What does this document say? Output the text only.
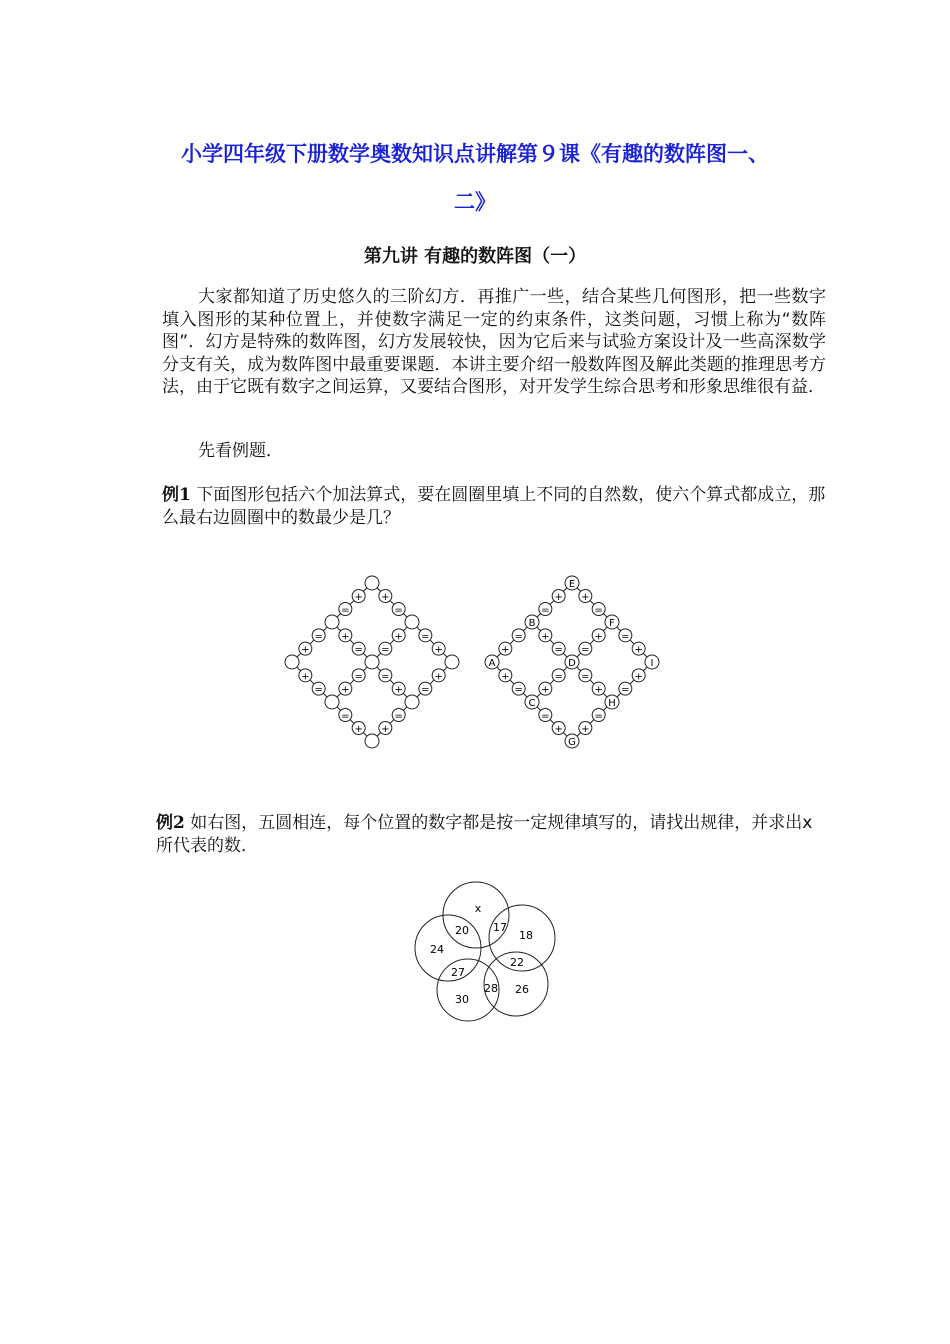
小学四年级下册数学奥数知识点讲解第９课《有趣的数阵图一、
二》
第九讲 有趣的数阵图（一）
大家都知道了历史悠久的三阶幻方．再推广一些，结合某些几何图形，把一些数字填入图形的某种位置上，并使数字满足一定的约束条件，这类问题，习惯上称为“数阵图”．幻方是特殊的数阵图，幻方发展较快，因为它后来与试验方案设计及一些高深数学分支有关，成为数阵图中最重要课题．本讲主要介绍一般数阵图及解此类题的推理思考方法，由于它既有数字之间运算，又要结合图形，对开发学生综合思考和形象思维很有益．
先看例题．
例1 下面图形包括六个加法算式，要在圆圈里填上不同的自然数，使六个算式都成立，那么最右边圆圈中的数最少是几？
+
=
=
+ +
=
=
+
+
=
=
+ +
=
=
+
+
= =
+
+
= =
+
+
=
=
+ +
=
=
+
+
=
=
+ +
=
=
+
+
= =
+
+
= =
+
E
B	F
A	D	I
C	H
G
例2 如右图，五圆相连，每个位置的数字都是按一定规律填写的，请找出规律，并求出x所代表的数．
x
20 17
18
24
22
27
28 26
30
